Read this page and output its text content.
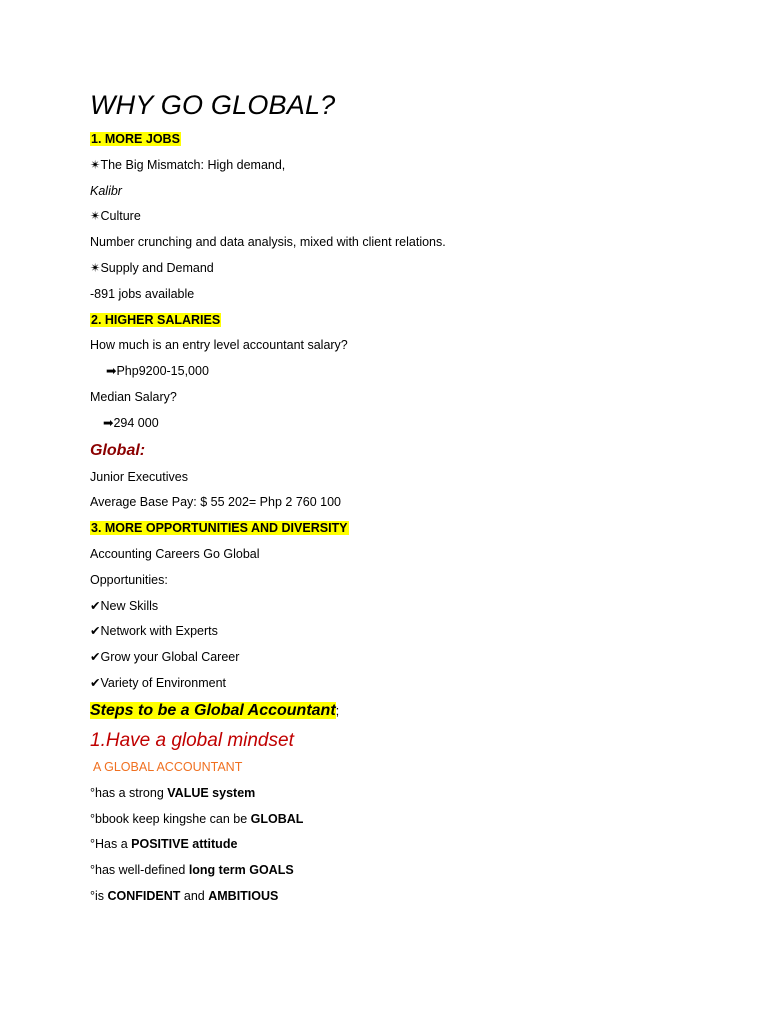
WHY GO GLOBAL?
1. MORE JOBS
✴The Big Mismatch: High demand,
Kalibr
✴Culture
Number crunching and data analysis, mixed with client relations.
✴Supply and Demand
-891 jobs available
2. HIGHER SALARIES
How much is an entry level accountant salary?
➡Php9200-15,000
Median Salary?
➡294 000
Global:
Junior Executives
Average Base Pay: $ 55 202= Php 2 760 100
3. MORE OPPORTUNITIES AND DIVERSITY
Accounting Careers Go Global
Opportunities:
✔New Skills
✔Network with Experts
✔Grow your Global Career
✔Variety of Environment
Steps to be a Global Accountant;
1.Have a global mindset
A GLOBAL ACCOUNTANT
°has a strong VALUE system
°bbook keep kingshe can be GLOBAL
°Has a POSITIVE attitude
°has well-defined long term GOALS
°is CONFIDENT and AMBITIOUS
